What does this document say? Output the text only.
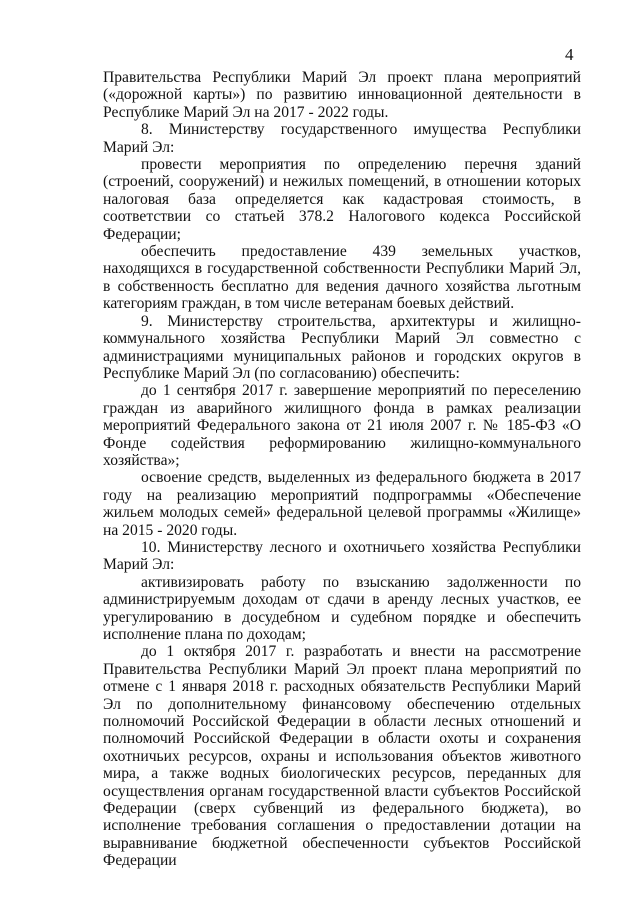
4

Правительства Республики Марий Эл проект плана мероприятий («дорожной карты») по развитию инновационной деятельности в Республике Марий Эл на 2017 - 2022 годы.

8. Министерству государственного имущества Республики Марий Эл:

провести мероприятия по определению перечня зданий (строений, сооружений) и нежилых помещений, в отношении которых налоговая база определяется как кадастровая стоимость, в соответствии со статьей 378.2 Налогового кодекса Российской Федерации;

обеспечить предоставление 439 земельных участков, находящихся в государственной собственности Республики Марий Эл, в собственность бесплатно для ведения дачного хозяйства льготным категориям граждан, в том числе ветеранам боевых действий.

9. Министерству строительства, архитектуры и жилищно-коммунального хозяйства Республики Марий Эл совместно с администрациями муниципальных районов и городских округов в Республике Марий Эл (по согласованию) обеспечить:

до 1 сентября 2017 г. завершение мероприятий по переселению граждан из аварийного жилищного фонда в рамках реализации мероприятий Федерального закона от 21 июля 2007 г. № 185-ФЗ «О Фонде содействия реформированию жилищно-коммунального хозяйства»;

освоение средств, выделенных из федерального бюджета в 2017 году на реализацию мероприятий подпрограммы «Обеспечение жильем молодых семей» федеральной целевой программы «Жилище» на 2015 - 2020 годы.

10. Министерству лесного и охотничьего хозяйства Республики Марий Эл:

активизировать работу по взысканию задолженности по администрируемым доходам от сдачи в аренду лесных участков, ее урегулированию в досудебном и судебном порядке и обеспечить исполнение плана по доходам;

до 1 октября 2017 г. разработать и внести на рассмотрение Правительства Республики Марий Эл проект плана мероприятий по отмене с 1 января 2018 г. расходных обязательств Республики Марий Эл по дополнительному финансовому обеспечению отдельных полномочий Российской Федерации в области лесных отношений и полномочий Российской Федерации в области охоты и сохранения охотничьих ресурсов, охраны и использования объектов животного мира, а также водных биологических ресурсов, переданных для осуществления органам государственной власти субъектов Российской Федерации (сверх субвенций из федерального бюджета), во исполнение требования соглашения о предоставлении дотации на выравнивание бюджетной обеспеченности субъектов Российской Федерации
